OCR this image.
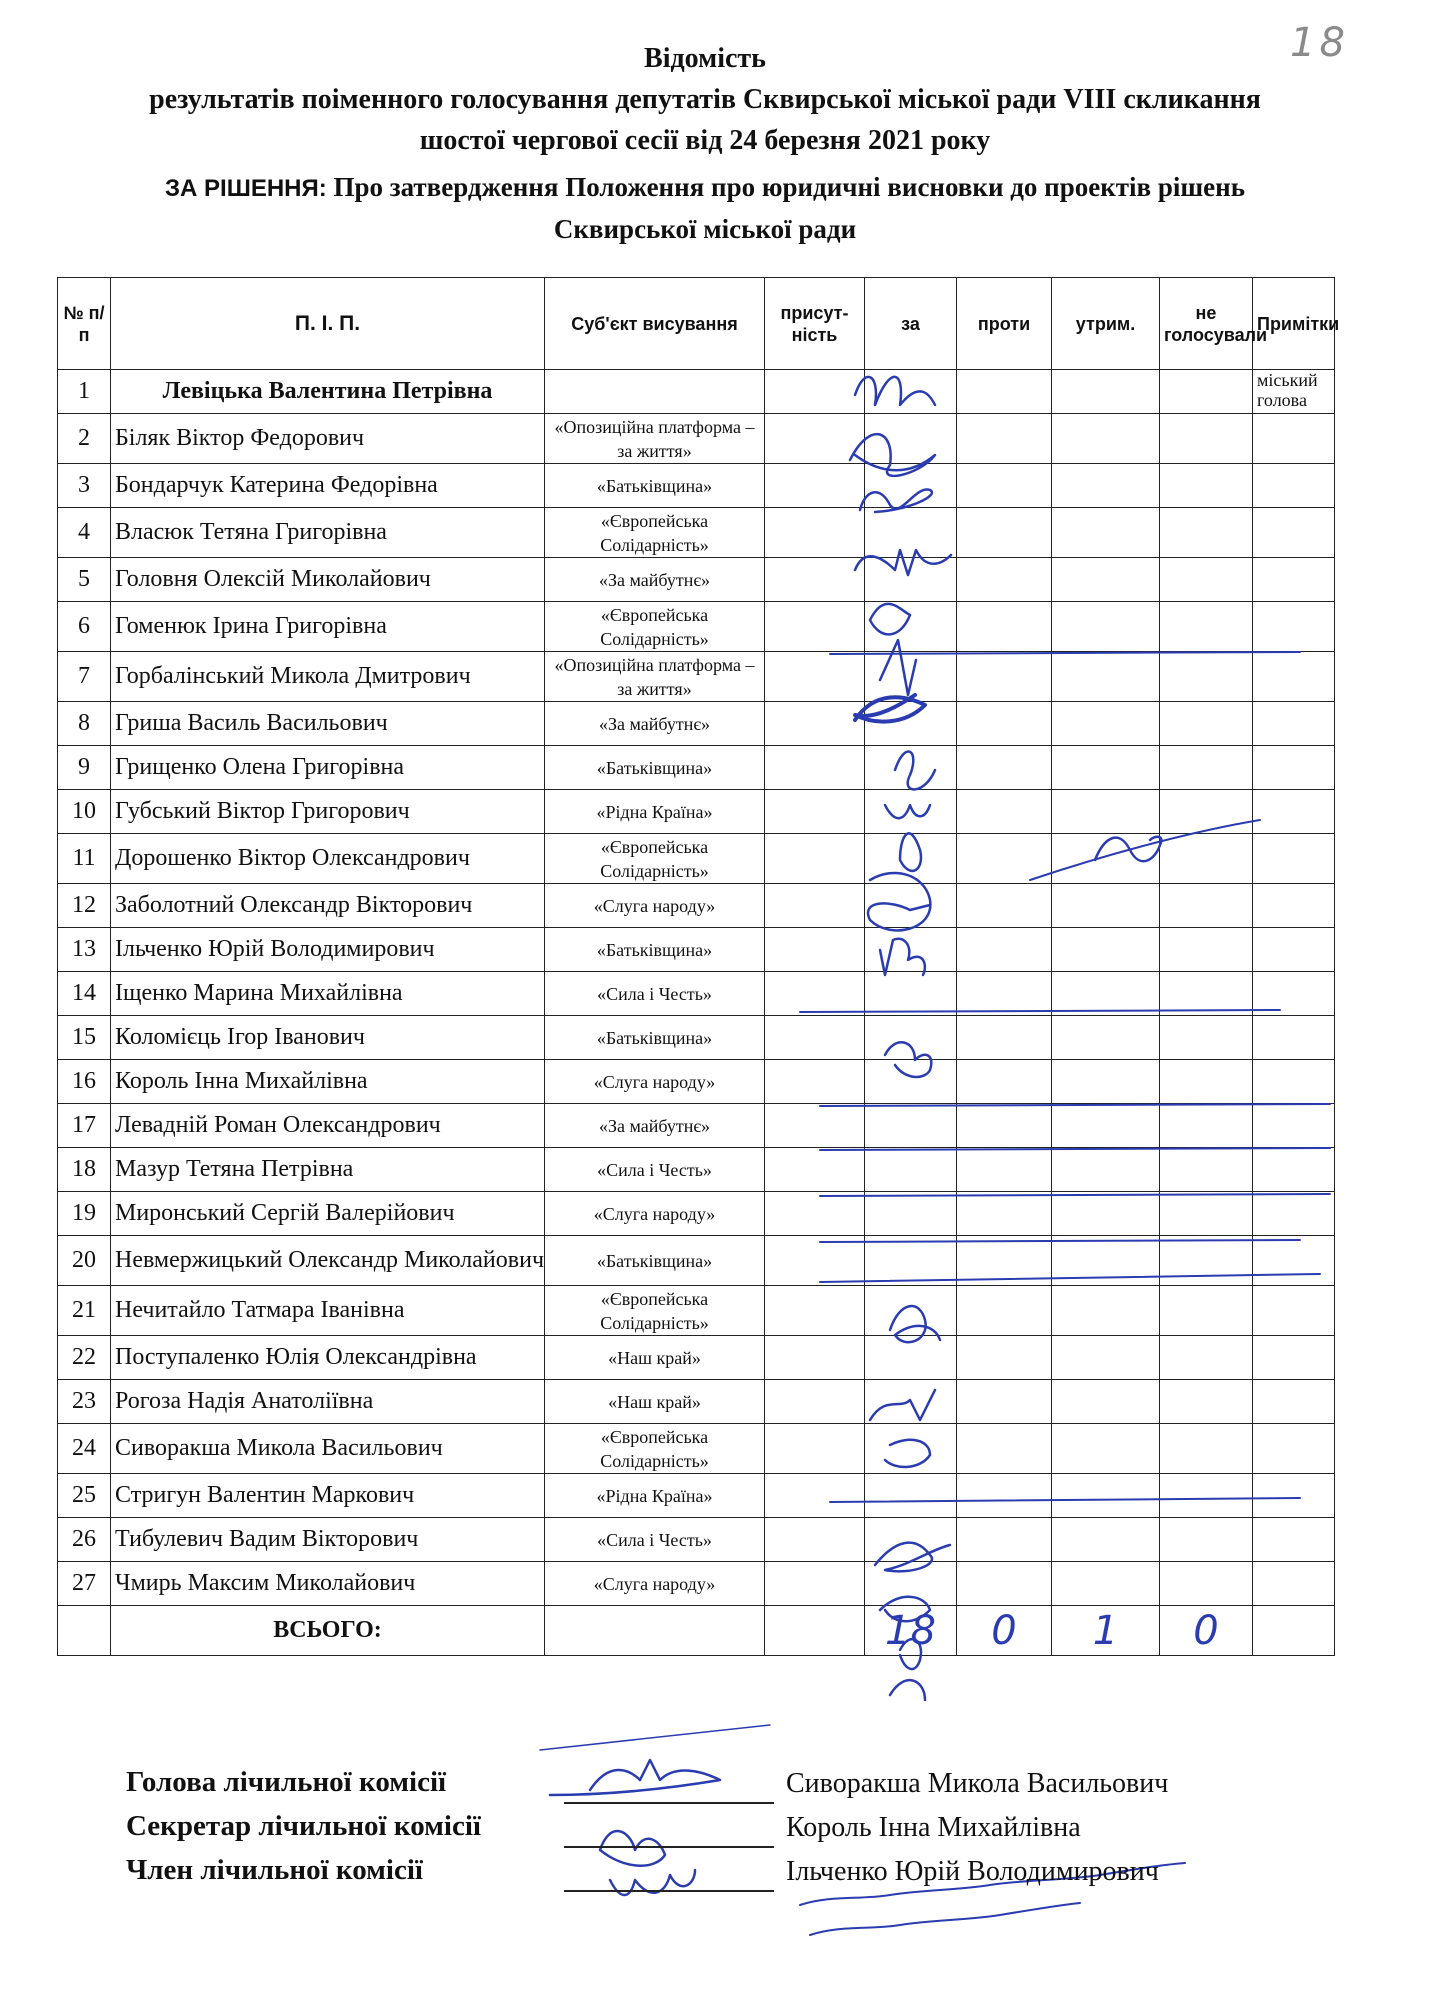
18
Відомість
результатів поіменного голосування депутатів Сквирської міської ради VIII скликання
шостої чергової сесії від 24 березня 2021 року
ЗА РІШЕННЯ: Про затвердження Положення про юридичні висновки до проектів рішень
Сквирської міської ради
№ п/п	П. І. П.	Суб'єкт висування	присут-ність	за	проти	утрим.	не голосували	Примітки
1	Левіцька Валентина Петрівна							міський голова
2	Біляк Віктор Федорович	«Опозиційна платформа – за життя»						
3	Бондарчук Катерина Федорівна	«Батьківщина»						
4	Власюк Тетяна Григорівна	«Європейська Солідарність»						
5	Головня Олексій Миколайович	«За майбутнє»						
6	Гоменюк Ірина Григорівна	«Європейська Солідарність»						
7	Горбалінський Микола Дмитрович	«Опозиційна платформа – за життя»						
8	Гриша Василь Васильович	«За майбутнє»						
9	Грищенко Олена Григорівна	«Батьківщина»						
10	Губський Віктор Григорович	«Рідна Країна»						
11	Дорошенко Віктор Олександрович	«Європейська Солідарність»						
12	Заболотний Олександр Вікторович	«Слуга народу»						
13	Ільченко Юрій Володимирович	«Батьківщина»						
14	Іщенко Марина Михайлівна	«Сила і Честь»						
15	Коломієць Ігор Іванович	«Батьківщина»						
16	Король Інна Михайлівна	«Слуга народу»						
17	Левадній Роман Олександрович	«За майбутнє»						
18	Мазур Тетяна Петрівна	«Сила і Честь»						
19	Миронський Сергій Валерійович	«Слуга народу»						
20	Невмержицький Олександр Миколайович	«Батьківщина»						
21	Нечитайло Татмара Іванівна	«Європейська Солідарність»						
22	Поступаленко Юлія Олександрівна	«Наш край»						
23	Рогоза Надія Анатоліївна	«Наш край»						
24	Сиворакша Микола Васильович	«Європейська Солідарність»						
25	Стригун Валентин Маркович	«Рідна Країна»						
26	Тибулевич Вадим Вікторович	«Сила і Честь»						
27	Чмирь Максим Миколайович	«Слуга народу»						
	ВСЬОГО:			18	0	1	0	
Голова лічильної комісії	Сиворакша Микола Васильович
Секретар лічильної комісії	Король Інна Михайлівна
Член лічильної комісії	Ільченко Юрій Володимирович
